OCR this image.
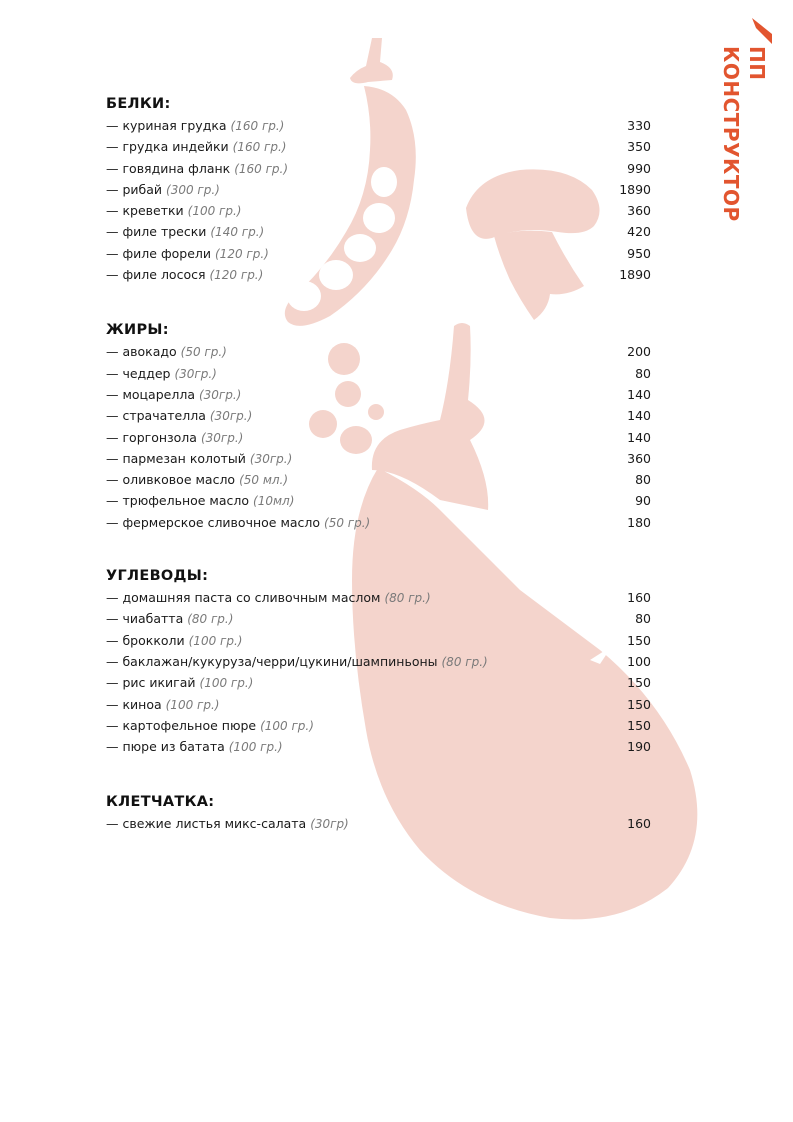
ПП
КОНСТРУКТОР
БЕЛКИ:
— куриная грудка (160 гр.)	330
— грудка индейки (160 гр.)	350
— говядина фланк (160 гр.)	990
— рибай (300 гр.)	1890
— креветки (100 гр.)	360
— филе трески (140 гр.)	420
— филе форели (120 гр.)	950
— филе лосося (120 гр.)	1890
ЖИРЫ:
— авокадо (50 гр.)	200
— чеддер (30гр.)	80
— моцарелла (30гр.)	140
— страчателла (30гр.)	140
— горгонзола (30гр.)	140
— пармезан колотый (30гр.)	360
— оливковое масло (50 мл.)	80
— трюфельное масло (10мл)	90
— фермерское сливочное масло (50 гр.)	180
УГЛЕВОДЫ:
— домашняя паста со сливочным маслом (80 гр.)	160
— чиабатта (80 гр.)	80
— брокколи (100 гр.)	150
— баклажан/кукуруза/черри/цукини/шампиньоны (80 гр.)	100
— рис икигай (100 гр.)	150
— киноа (100 гр.)	150
— картофельное пюре (100 гр.)	150
— пюре из батата (100 гр.)	190
КЛЕТЧАТКА:
— свежие листья микс-салата (30гр)	160
